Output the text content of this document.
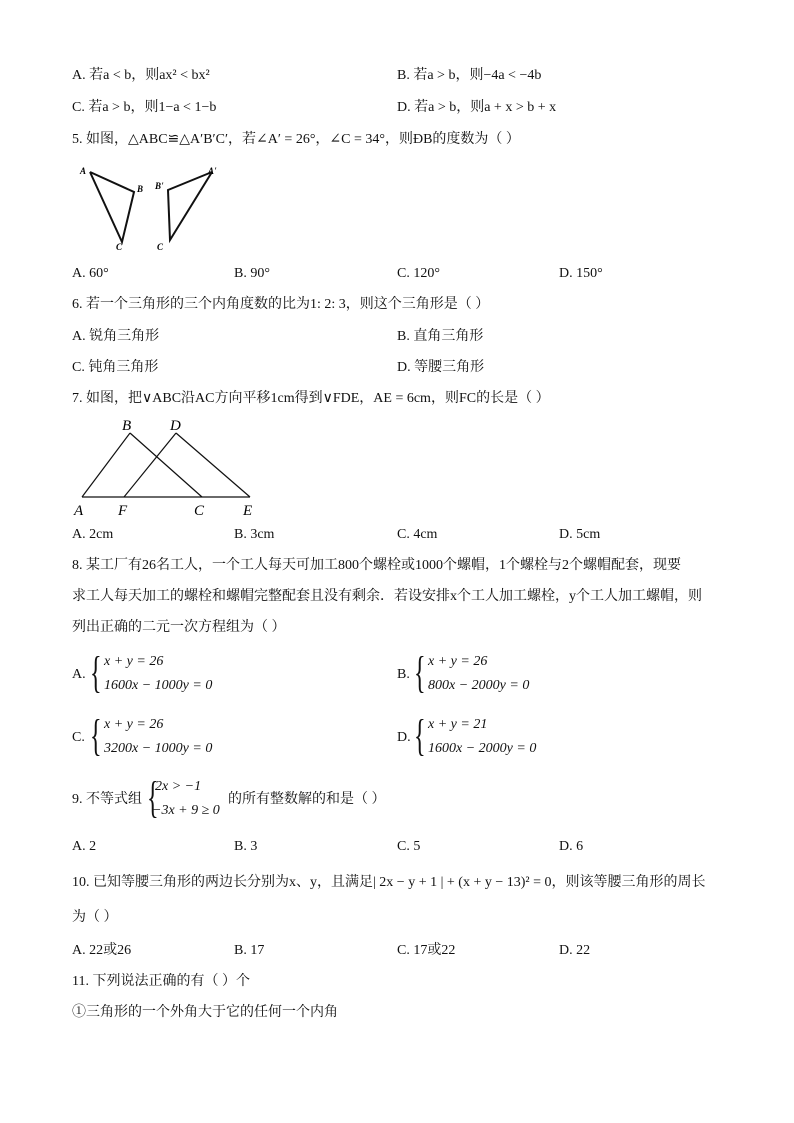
A. 若a < b，则ax² < bx²	B. 若a > b，则−4a < −4b
C. 若a > b，则1−a < 1−b	D. 若a > b，则a + x > b + x
5. 如图，△ABC≌△A′B′C′，若∠A′ = 26°，∠C = 34°，则ÐB的度数为（ ）
A
B
C
A'
B'
C
A. 60°	B. 90°	C. 120°	D. 150°
6. 若一个三角形的三个内角度数的比为1: 2: 3，则这个三角形是（ ）
A. 锐角三角形	B. 直角三角形
C. 钝角三角形	D. 等腰三角形
7. 如图，把∨ABC沿AC方向平移1cm得到∨FDE，AE = 6cm，则FC的长是（ ）
B	D
A F	C	E
A. 2cm	B. 3cm	C. 4cm	D. 5cm
8. 某工厂有26名工人，一个工人每天可加工800个螺栓或1000个螺帽，1个螺栓与2个螺帽配套，现要
求工人每天加工的螺栓和螺帽完整配套且没有剩余．若设安排x个工人加工螺栓，y个工人加工螺帽，则
列出正确的二元一次方程组为（ ）
A. { x + y = 26
1600x − 1000y = 0
B. { x + y = 26
800x − 2000y = 0
C. { x + y = 26
3200x − 1000y = 0
D. { x + y = 21
1600x − 2000y = 0
9. 不等式组 {
2x > −1
−3x + 9 ≥ 0
的所有整数解的和是（ ）
A. 2	B. 3	C. 5	D. 6
10. 已知等腰三角形的两边长分别为x、y，且满足| 2x − y + 1 | + (x + y − 13)² = 0，则该等腰三角形的周长
为（ ）
A. 22或26	B. 17	C. 17或22	D. 22
11. 下列说法正确的有（ ）个
①三角形的一个外角大于它的任何一个内角
